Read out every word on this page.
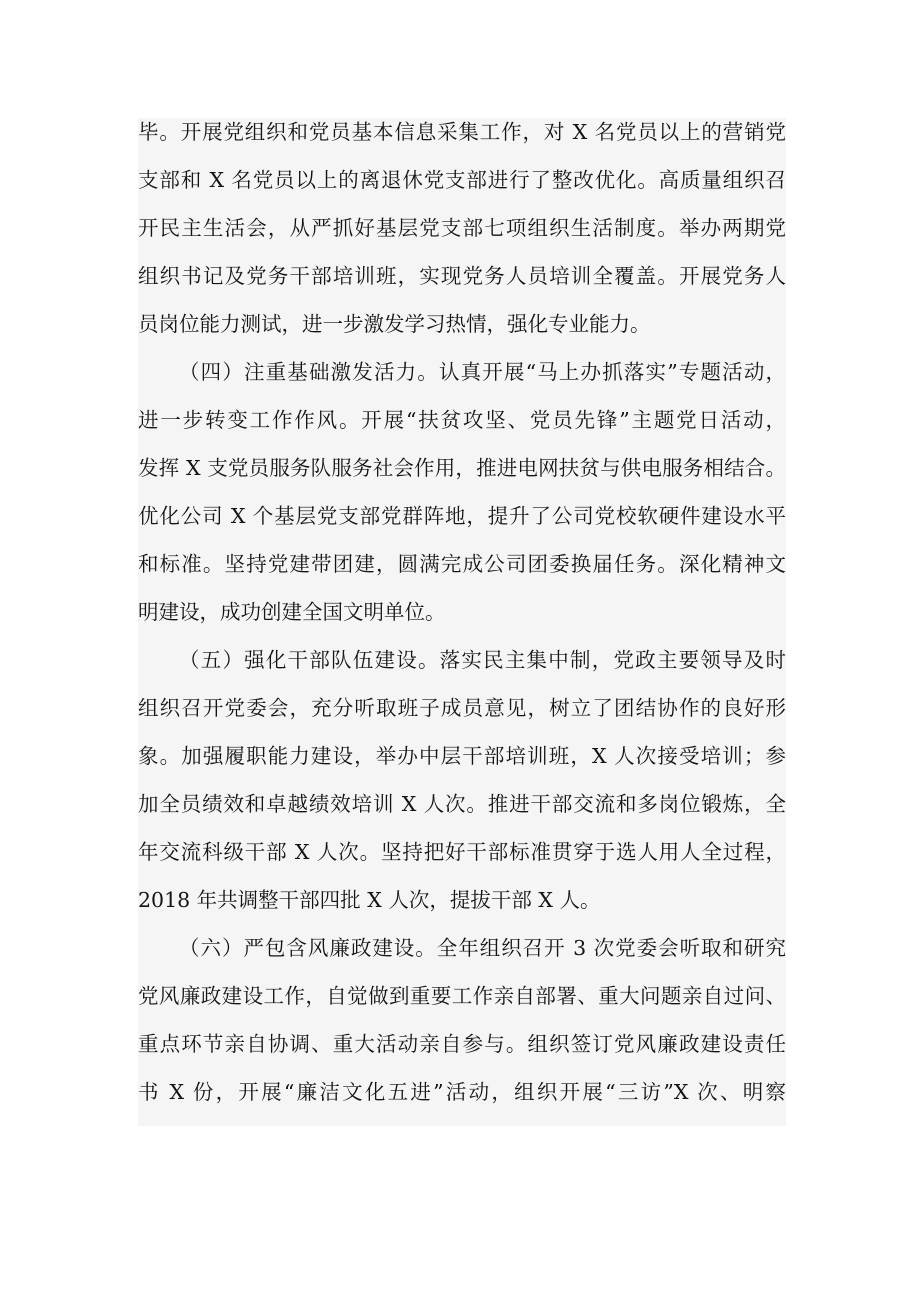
毕。开展党组织和党员基本信息采集工作，对 X 名党员以上的营销党
支部和 X 名党员以上的离退休党支部进行了整改优化。高质量组织召
开民主生活会，从严抓好基层党支部七项组织生活制度。举办两期党
组织书记及党务干部培训班，实现党务人员培训全覆盖。开展党务人
员岗位能力测试，进一步激发学习热情，强化专业能力。
（四）注重基础激发活力。认真开展“马上办抓落实”专题活动，
进一步转变工作作风。开展“扶贫攻坚、党员先锋”主题党日活动，
发挥 X 支党员服务队服务社会作用，推进电网扶贫与供电服务相结合。
优化公司 X 个基层党支部党群阵地，提升了公司党校软硬件建设水平
和标准。坚持党建带团建，圆满完成公司团委换届任务。深化精神文
明建设，成功创建全国文明单位。
（五）强化干部队伍建设。落实民主集中制，党政主要领导及时
组织召开党委会，充分听取班子成员意见，树立了团结协作的良好形
象。加强履职能力建设，举办中层干部培训班，X 人次接受培训；参
加全员绩效和卓越绩效培训 X 人次。推进干部交流和多岗位锻炼，全
年交流科级干部 X 人次。坚持把好干部标准贯穿于选人用人全过程，
2018 年共调整干部四批 X 人次，提拔干部 X 人。
（六）严包含风廉政建设。全年组织召开 3 次党委会听取和研究
党风廉政建设工作，自觉做到重要工作亲自部署、重大问题亲自过问、
重点环节亲自协调、重大活动亲自参与。组织签订党风廉政建设责任
书 X 份，开展“廉洁文化五进”活动，组织开展“三访”X 次、明察
